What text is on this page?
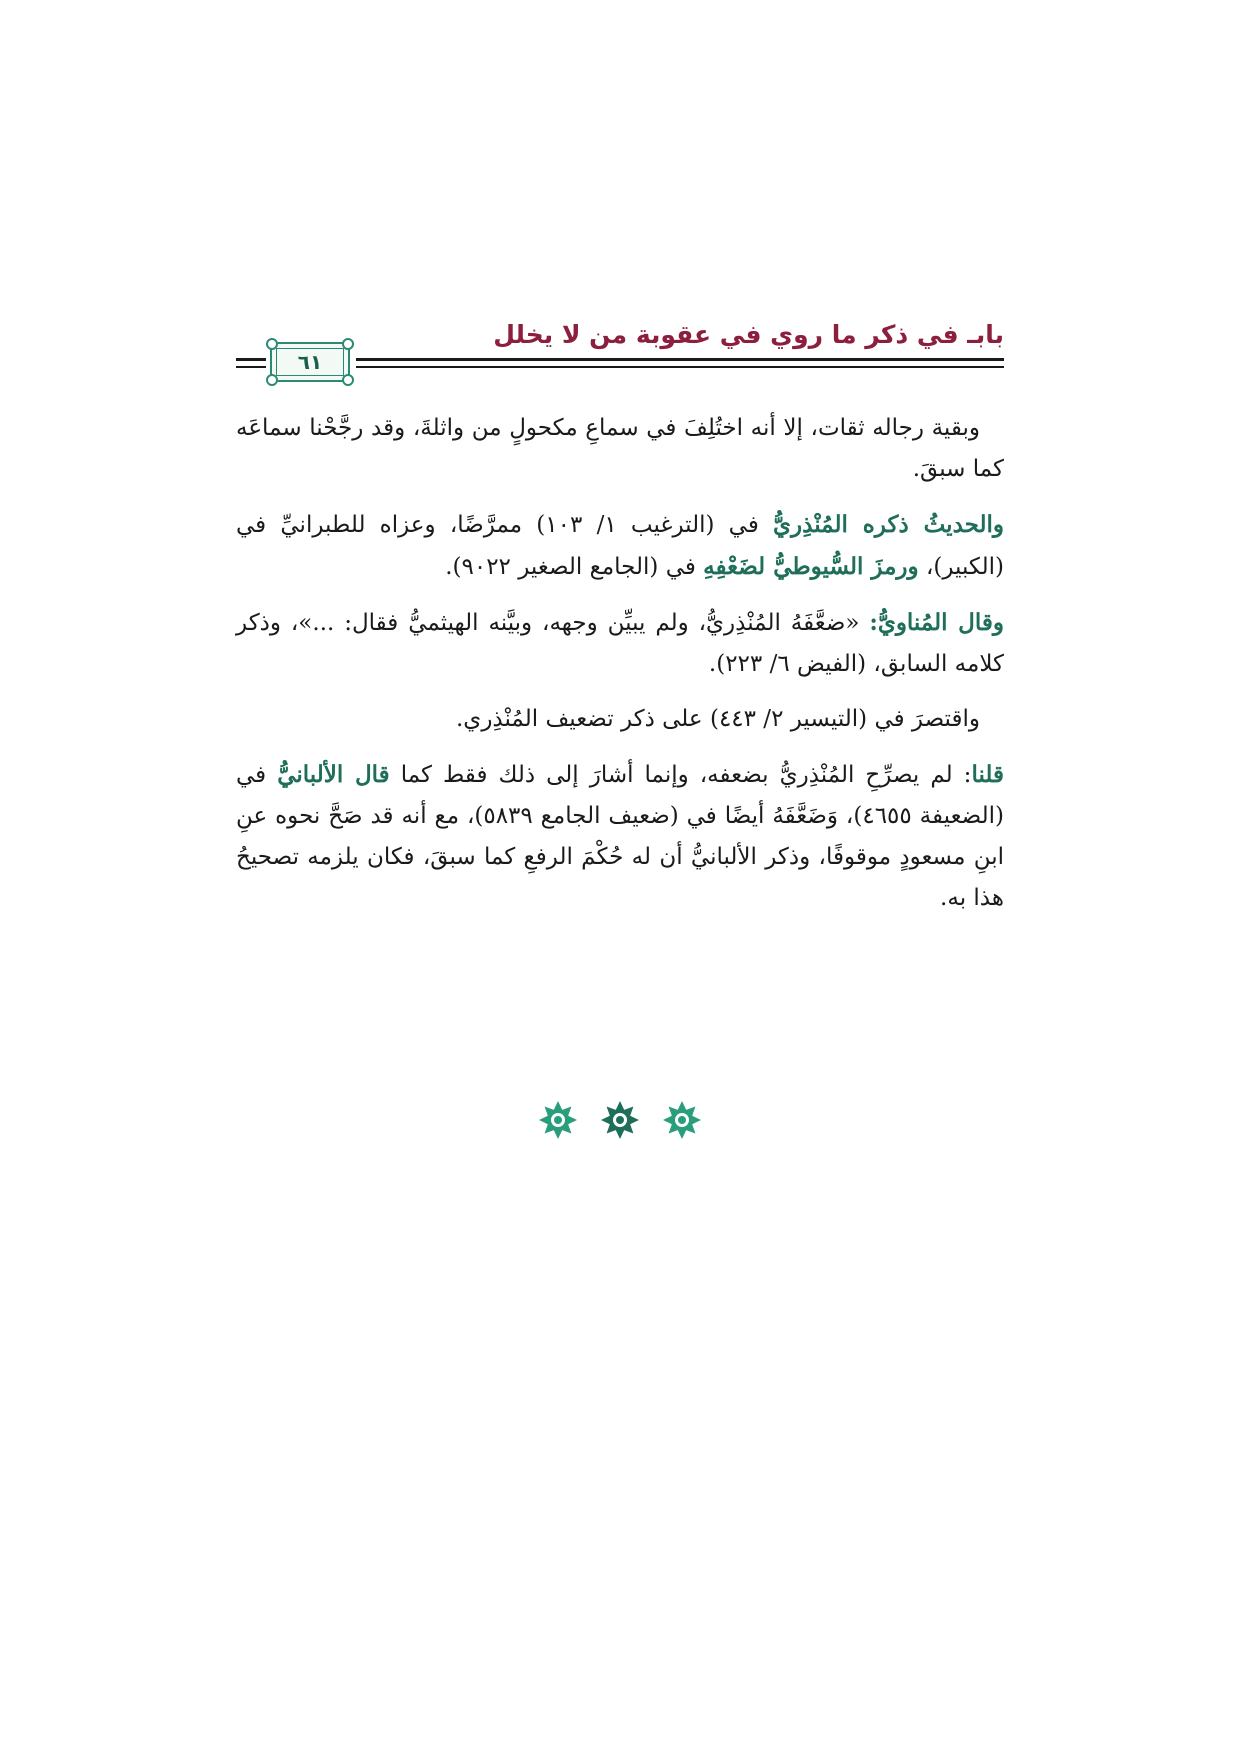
بابـ في ذكر ما روي في عقوبة من لا يخلل
٦١

وبقية رجاله ثقات، إلا أنه اختُلِفَ في سماعِ مكحولٍ من واثلةَ، وقد رجَّحْنا سماعَه كما سبقَ.

والحديثُ ذكره المُنْذِريُّ في (الترغيب ١/ ١٠٣) ممرَّضًا، وعزاه للطبرانيِّ في (الكبير)، ورمزَ السُّيوطيُّ لضَعْفِهِ في (الجامع الصغير ٩٠٢٢).

وقال المُناويُّ: «ضعَّفَهُ المُنْذِريُّ، ولم يبيِّن وجهه، وبيَّنه الهيثميُّ فقال: ...»، وذكر كلامه السابق، (الفيض ٦/ ٢٢٣).

واقتصرَ في (التيسير ٢/ ٤٤٣) على ذكر تضعيف المُنْذِري.

قلنا: لم يصرِّحِ المُنْذِريُّ بضعفه، وإنما أشارَ إلى ذلك فقط كما قال الألبانيُّ في (الضعيفة ٤٦٥٥)، وَضَعَّفَهُ أيضًا في (ضعيف الجامع ٥٨٣٩)، مع أنه قد صَحَّ نحوه عنِ ابنِ مسعودٍ موقوفًا، وذكر الألبانيُّ أن له حُكْمَ الرفعِ كما سبقَ، فكان يلزمه تصحيحُ هذا به.
